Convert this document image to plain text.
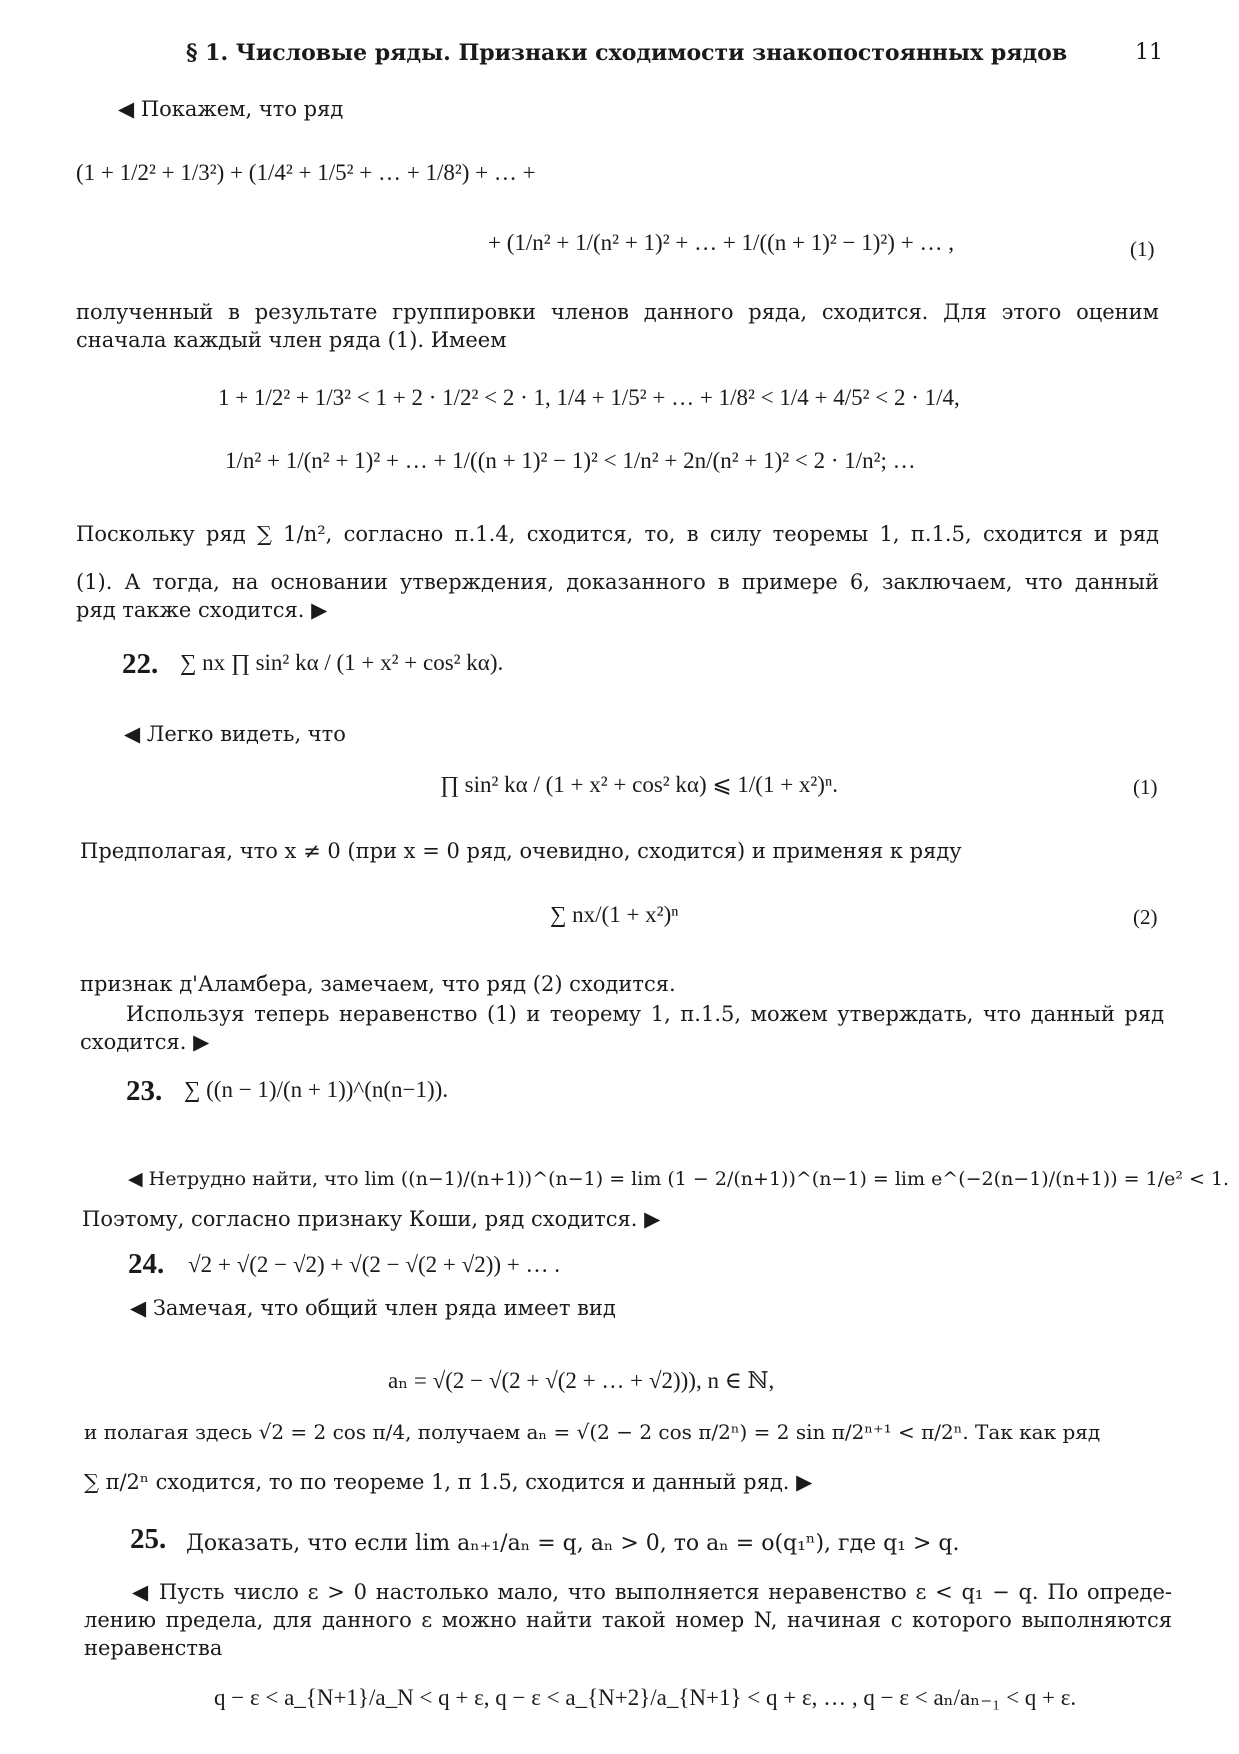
§ 1. Числовые ряды. Признаки сходимости знакопостоянных рядов	11
◀ Покажем, что ряд
(1 + 1/2² + 1/3²) + (1/4² + 1/5² + … + 1/8²) + … +
+ (1/n² + 1/(n² + 1)² + … + 1/((n + 1)² − 1)²) + … ,	(1)
полученный в результате группировки членов данного ряда, сходится. Для этого оценим
сначала каждый член ряда (1). Имеем
1 + 1/2² + 1/3² < 1 + 2 · 1/2² < 2 · 1, 1/4 + 1/5² + … + 1/8² < 1/4 + 4/5² < 2 · 1/4,
1/n² + 1/(n² + 1)² + … + 1/((n + 1)² − 1)² < 1/n² + 2n/(n² + 1)² < 2 · 1/n²; …
Поскольку ряд ∑ 1/n², согласно п.1.4, сходится, то, в силу теоремы 1, п.1.5, сходится и ряд
(1). А тогда, на основании утверждения, доказанного в примере 6, заключаем, что данный
ряд также сходится. ▶
22. ∑ nx ∏ sin² kα / (1 + x² + cos² kα).
◀ Легко видеть, что
∏ sin² kα / (1 + x² + cos² kα) ⩽ 1/(1 + x²)ⁿ.	(1)
Предполагая, что x ≠ 0 (при x = 0 ряд, очевидно, сходится) и применяя к ряду
∑ nx/(1 + x²)ⁿ	(2)
признак д'Аламбера, замечаем, что ряд (2) сходится.
Используя теперь неравенство (1) и теорему 1, п.1.5, можем утверждать, что данный ряд
сходится. ▶
23. ∑ ((n − 1)/(n + 1))^(n(n−1)).
◀ Нетрудно найти, что lim ((n−1)/(n+1))^(n−1) = lim (1 − 2/(n+1))^(n−1) = lim e^(−2(n−1)/(n+1)) = 1/e² < 1.
Поэтому, согласно признаку Коши, ряд сходится. ▶
24. √2 + √(2 − √2) + √(2 − √(2 + √2)) + … .
◀ Замечая, что общий член ряда имеет вид
aₙ = √(2 − √(2 + √(2 + … + √2))), n ∈ ℕ,
и полагая здесь √2 = 2 cos π/4, получаем aₙ = √(2 − 2 cos π/2ⁿ) = 2 sin π/2ⁿ⁺¹ < π/2ⁿ. Так как ряд
∑ π/2ⁿ сходится, то по теореме 1, п 1.5, сходится и данный ряд. ▶
25. Доказать, что если lim aₙ₊₁/aₙ = q, aₙ > 0, то aₙ = o(q₁ⁿ), где q₁ > q.
◀ Пусть число ε > 0 настолько мало, что выполняется неравенство ε < q₁ − q. По опреде-
лению предела, для данного ε можно найти такой номер N, начиная с которого выполняются
неравенства
q − ε < a_{N+1}/a_N < q + ε, q − ε < a_{N+2}/a_{N+1} < q + ε, … , q − ε < aₙ/aₙ₋₁ < q + ε.
